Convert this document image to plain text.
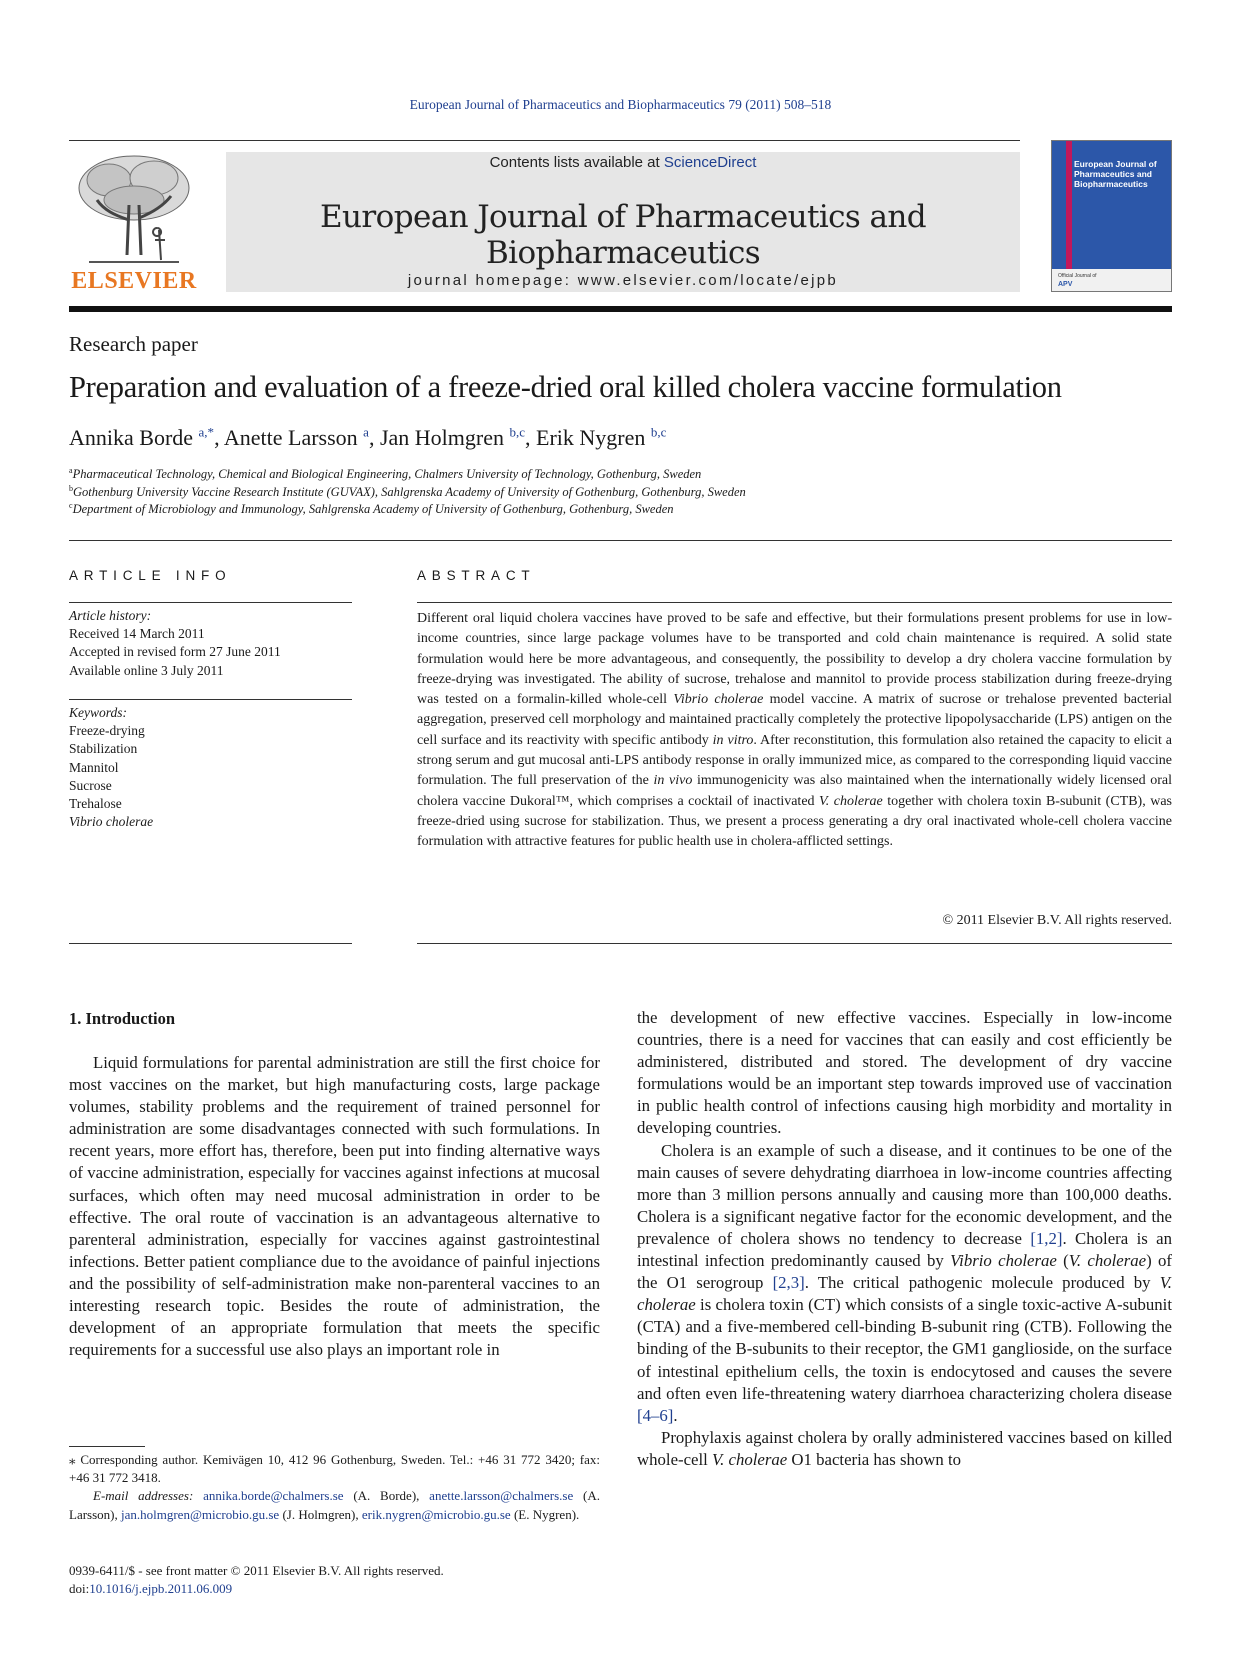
European Journal of Pharmaceutics and Biopharmaceutics 79 (2011) 508–518
ELSEVIER
Contents lists available at ScienceDirect
European Journal of Pharmaceutics and Biopharmaceutics
journal homepage: www.elsevier.com/locate/ejpb
European Journal of Pharmaceutics and Biopharmaceutics
Official Journal of
APV
Research paper
Preparation and evaluation of a freeze-dried oral killed cholera vaccine formulation
Annika Borde $^{a,*}$, Anette Larsson $^a$, Jan Holmgren $^{b,c}$, Erik Nygren $^{b,c}$
$^a$Pharmaceutical Technology, Chemical and Biological Engineering, Chalmers University of Technology, Gothenburg, Sweden
$^b$Gothenburg University Vaccine Research Institute (GUVAX), Sahlgrenska Academy of University of Gothenburg, Gothenburg, Sweden
$^c$Department of Microbiology and Immunology, Sahlgrenska Academy of University of Gothenburg, Gothenburg, Sweden
ARTICLE INFO	ABSTRACT
Article history:
Received 14 March 2011
Accepted in revised form 27 June 2011
Available online 3 July 2011
Keywords:
Freeze-drying
Stabilization
Mannitol
Sucrose
Trehalose
Vibrio cholerae
Different oral liquid cholera vaccines have proved to be safe and effective, but their formulations present problems for use in low-income countries, since large package volumes have to be transported and cold chain maintenance is required. A solid state formulation would here be more advantageous, and consequently, the possibility to develop a dry cholera vaccine formulation by freeze-drying was investigated. The ability of sucrose, trehalose and mannitol to provide process stabilization during freeze-drying was tested on a formalin-killed whole-cell Vibrio cholerae model vaccine. A matrix of sucrose or trehalose prevented bacterial aggregation, preserved cell morphology and maintained practically completely the protective lipopolysaccharide (LPS) antigen on the cell surface and its reactivity with specific antibody in vitro. After reconstitution, this formulation also retained the capacity to elicit a strong serum and gut mucosal anti-LPS antibody response in orally immunized mice, as compared to the corresponding liquid vaccine formulation. The full preservation of the in vivo immunogenicity was also maintained when the internationally widely licensed oral cholera vaccine Dukoral™, which comprises a cocktail of inactivated V. cholerae together with cholera toxin B-subunit (CTB), was freeze-dried using sucrose for stabilization. Thus, we present a process generating a dry oral inactivated whole-cell cholera vaccine formulation with attractive features for public health use in cholera-afflicted settings.
© 2011 Elsevier B.V. All rights reserved.
1. Introduction

Liquid formulations for parental administration are still the first choice for most vaccines on the market, but high manufacturing costs, large package volumes, stability problems and the requirement of trained personnel for administration are some disadvantages connected with such formulations. In recent years, more effort has, therefore, been put into finding alternative ways of vaccine administration, especially for vaccines against infections at mucosal surfaces, which often may need mucosal administration in order to be effective. The oral route of vaccination is an advantageous alternative to parenteral administration, especially for vaccines against gastrointestinal infections. Better patient compliance due to the avoidance of painful injections and the possibility of self-administration make non-parenteral vaccines to an interesting research topic. Besides the route of administration, the development of an appropriate formulation that meets the specific requirements for a successful use also plays an important role in

the development of new effective vaccines. Especially in low-income countries, there is a need for vaccines that can easily and cost efficiently be administered, distributed and stored. The development of dry vaccine formulations would be an important step towards improved use of vaccination in public health control of infections causing high morbidity and mortality in developing countries.

Cholera is an example of such a disease, and it continues to be one of the main causes of severe dehydrating diarrhoea in low-income countries affecting more than 3 million persons annually and causing more than 100,000 deaths. Cholera is a significant negative factor for the economic development, and the prevalence of cholera shows no tendency to decrease [1,2]. Cholera is an intestinal infection predominantly caused by Vibrio cholerae (V. cholerae) of the O1 serogroup [2,3]. The critical pathogenic molecule produced by V. cholerae is cholera toxin (CT) which consists of a single toxic-active A-subunit (CTA) and a five-membered cell-binding B-subunit ring (CTB). Following the binding of the B-subunits to their receptor, the GM1 ganglioside, on the surface of intestinal epithelium cells, the toxin is endocytosed and causes the severe and often even life-threatening watery diarrhoea characterizing cholera disease [4–6].

Prophylaxis against cholera by orally administered vaccines based on killed whole-cell V. cholerae O1 bacteria has shown to

⁎ Corresponding author. Kemivägen 10, 412 96 Gothenburg, Sweden. Tel.: +46 31 772 3420; fax: +46 31 772 3418.

E-mail addresses: annika.borde@chalmers.se (A. Borde), anette.larsson@chalmers.se (A. Larsson), jan.holmgren@microbio.gu.se (J. Holmgren), erik.nygren@microbio.gu.se (E. Nygren).

0939-6411/$ - see front matter © 2011 Elsevier B.V. All rights reserved.
doi:10.1016/j.ejpb.2011.06.009
